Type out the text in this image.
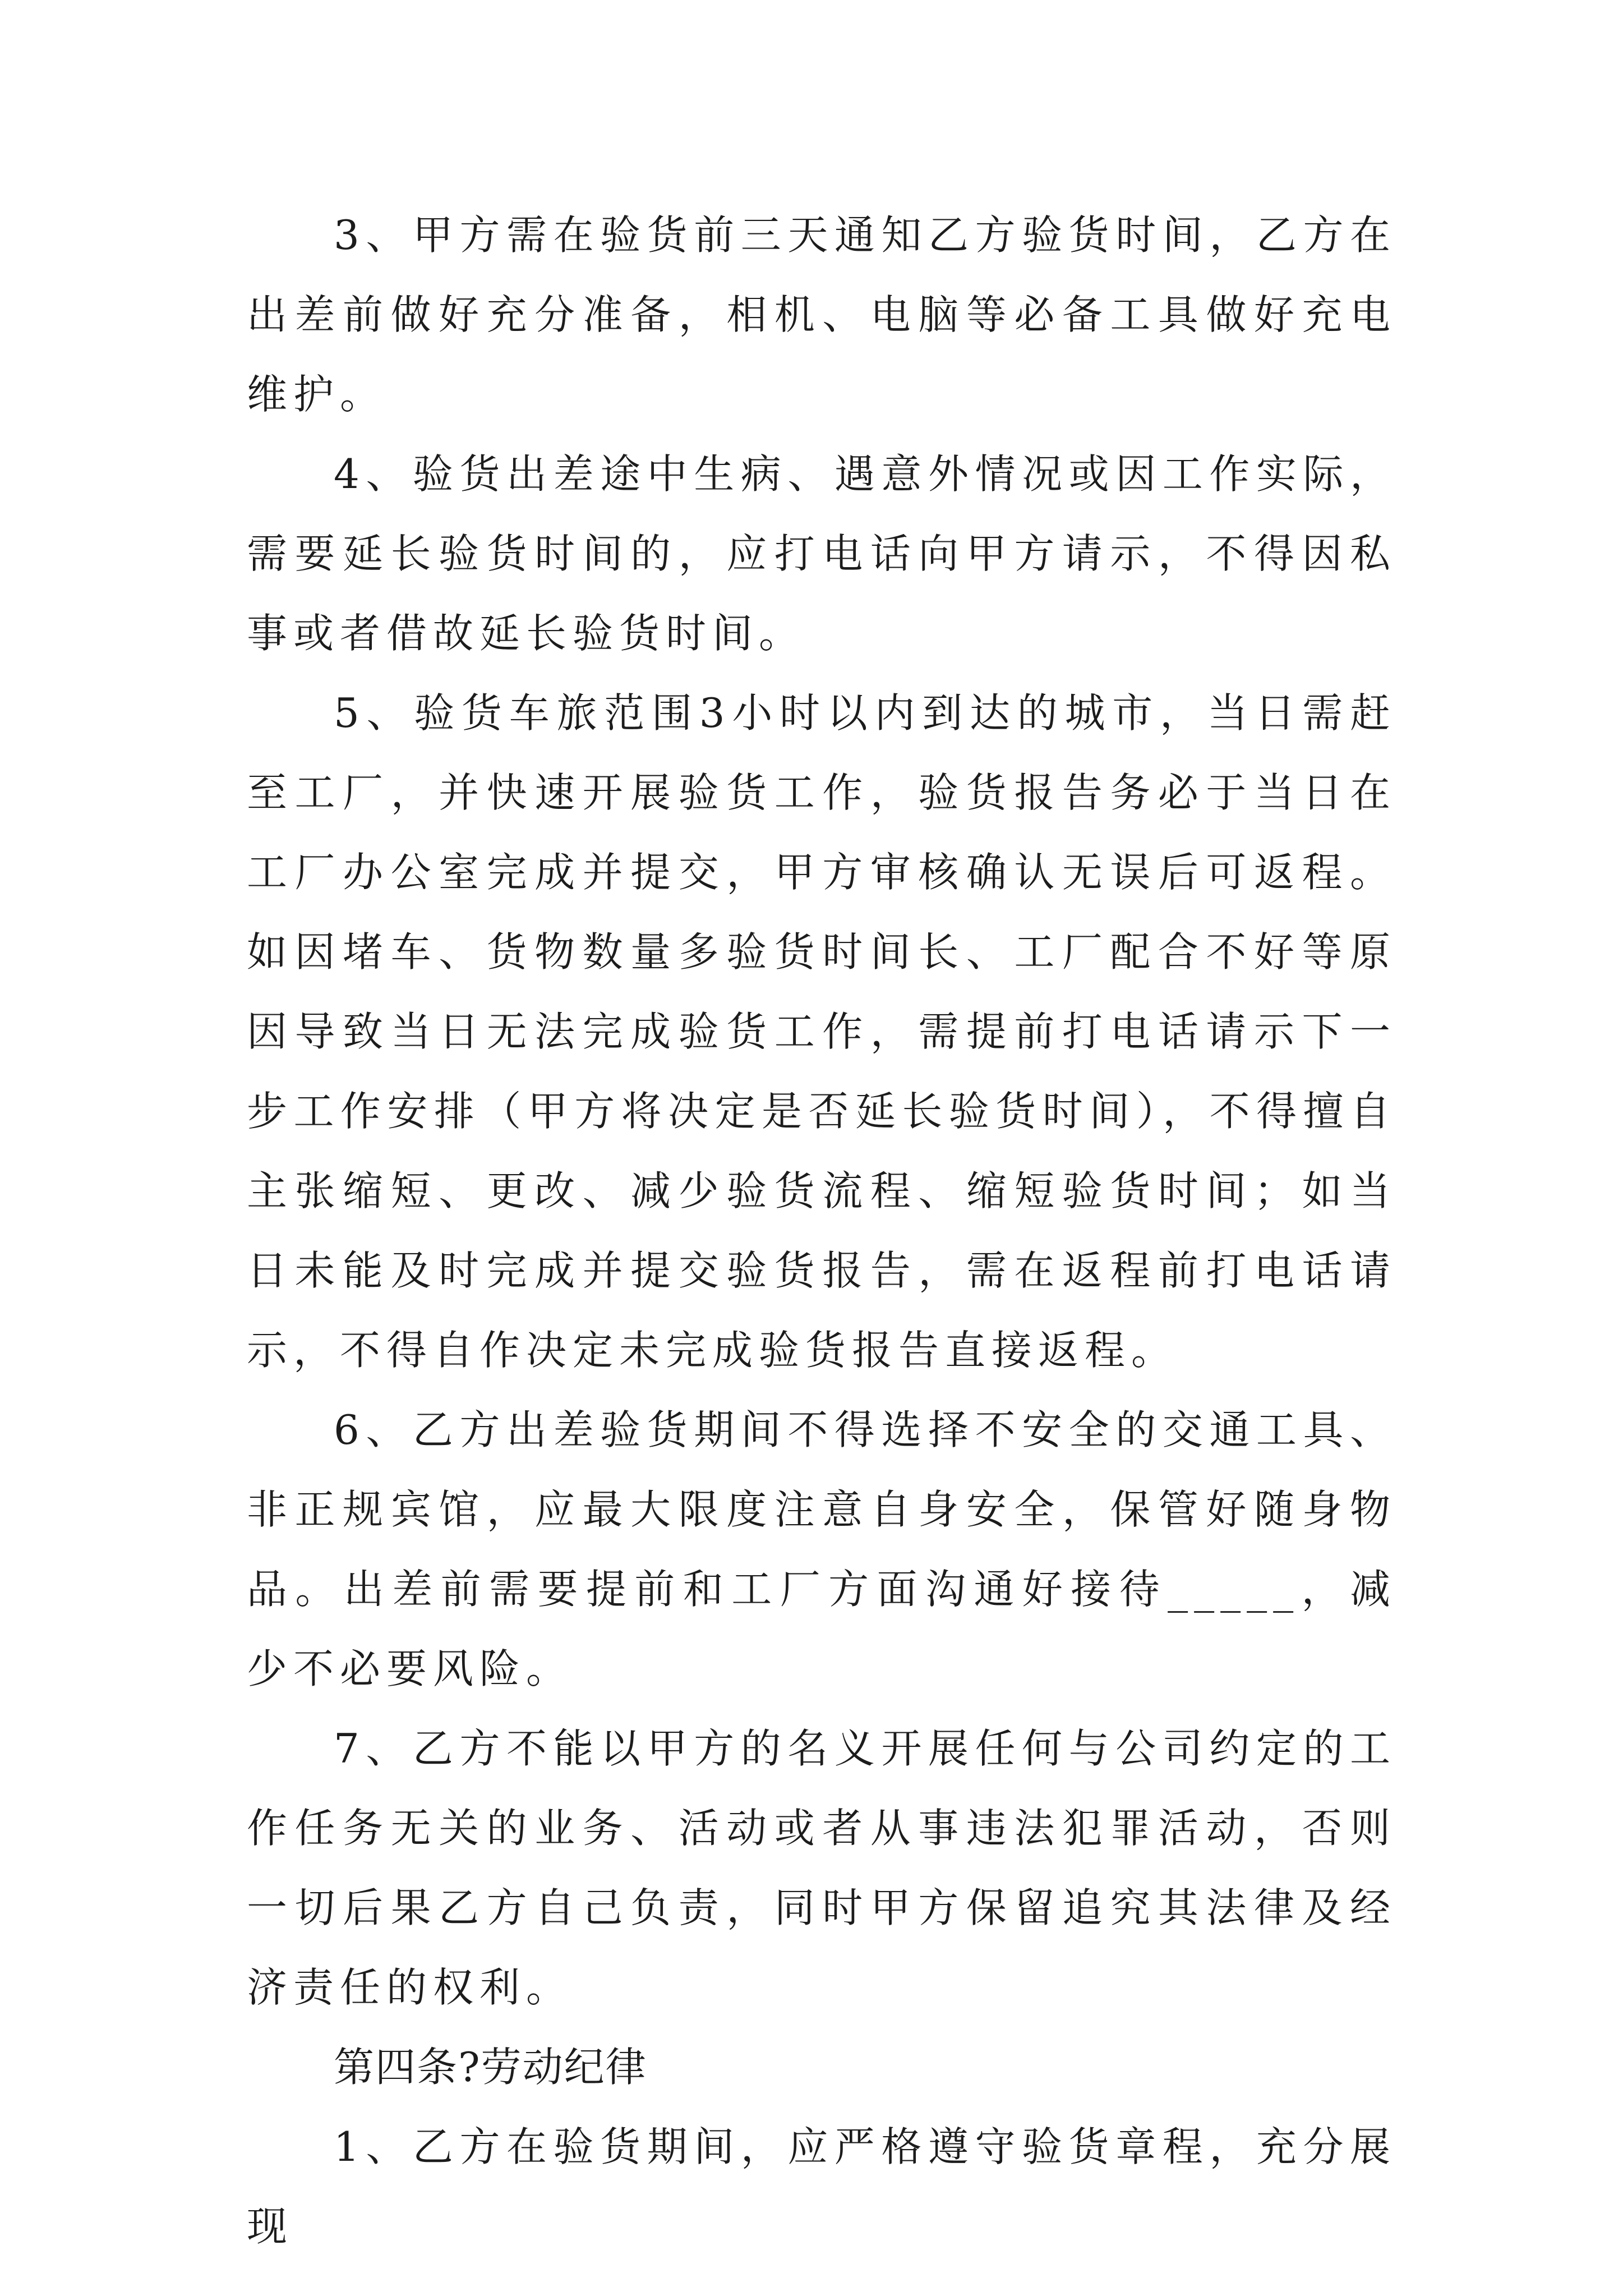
3、甲方需在验货前三天通知乙方验货时间，乙方在出差前做好充分准备，相机、电脑等必备工具做好充电维护。

4、验货出差途中生病、遇意外情况或因工作实际，需要延长验货时间的，应打电话向甲方请示，不得因私事或者借故延长验货时间。

5、验货车旅范围3小时以内到达的城市，当日需赶至工厂，并快速开展验货工作，验货报告务必于当日在工厂办公室完成并提交，甲方审核确认无误后可返程。如因堵车、货物数量多验货时间长、工厂配合不好等原因导致当日无法完成验货工作，需提前打电话请示下一步工作安排（甲方将决定是否延长验货时间），不得擅自主张缩短、更改、减少验货流程、缩短验货时间；如当日未能及时完成并提交验货报告，需在返程前打电话请示，不得自作决定未完成验货报告直接返程。

6、乙方出差验货期间不得选择不安全的交通工具、非正规宾馆，应最大限度注意自身安全，保管好随身物品。出差前需要提前和工厂方面沟通好接待_____，减少不必要风险。

7、乙方不能以甲方的名义开展任何与公司约定的工作任务无关的业务、活动或者从事违法犯罪活动，否则一切后果乙方自己负责，同时甲方保留追究其法律及经济责任的权利。

第四条?劳动纪律

1、乙方在验货期间，应严格遵守验货章程，充分展现
